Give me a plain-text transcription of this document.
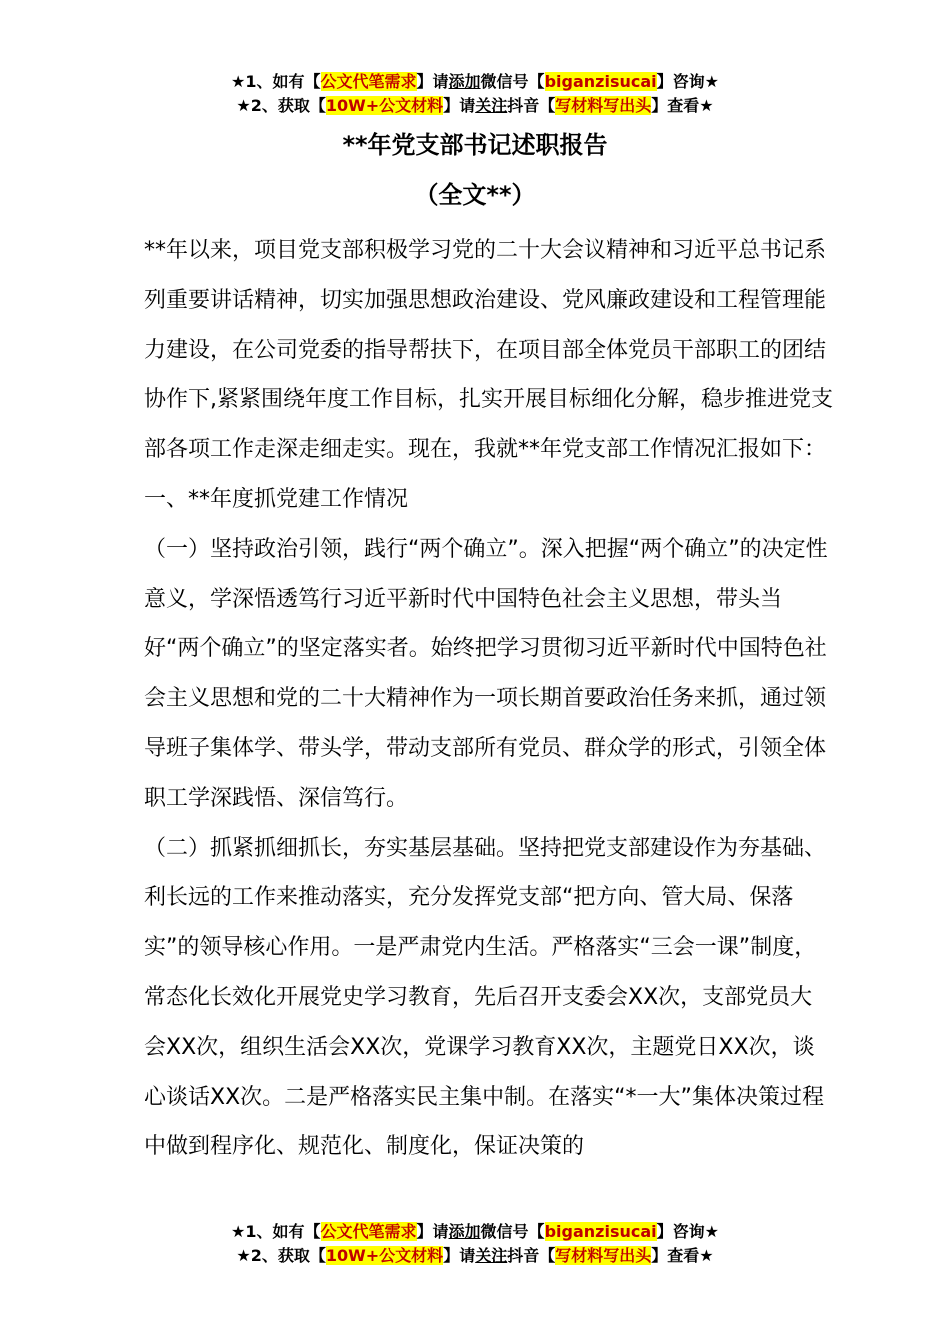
★1、如有【公文代笔需求】请添加微信号【biganzisucai】咨询★
★2、获取【10W+公文材料】请关注抖音【写材料写出头】查看★
**年党支部书记述职报告
（全文**）

**年以来，项目党支部积极学习党的二十大会议精神和习近平总书记系列重要讲话精神，切实加强思想政治建设、党风廉政建设和工程管理能力建设，在公司党委的指导帮扶下，在项目部全体党员干部职工的团结协作下,紧紧围绕年度工作目标，扎实开展目标细化分解，稳步推进党支部各项工作走深走细走实。现在，我就**年党支部工作情况汇报如下：

一、**年度抓党建工作情况

（一）坚持政治引领，践行“两个确立”。深入把握“两个确立”的决定性意义，学深悟透笃行习近平新时代中国特色社会主义思想，带头当好“两个确立”的坚定落实者。始终把学习贯彻习近平新时代中国特色社会主义思想和党的二十大精神作为一项长期首要政治任务来抓，通过领导班子集体学、带头学，带动支部所有党员、群众学的形式，引领全体职工学深践悟、深信笃行。

（二）抓紧抓细抓长，夯实基层基础。坚持把党支部建设作为夯基础、利长远的工作来推动落实，充分发挥党支部“把方向、管大局、保落实”的领导核心作用。一是严肃党内生活。严格落实“三会一课”制度，常态化长效化开展党史学习教育，先后召开支委会XX次，支部党员大会XX次，组织生活会XX次，党课学习教育XX次，主题党日XX次，谈心谈话XX次。二是严格落实民主集中制。在落实“*一大”集体决策过程中做到程序化、规范化、制度化，保证决策的

★1、如有【公文代笔需求】请添加微信号【biganzisucai】咨询★
★2、获取【10W+公文材料】请关注抖音【写材料写出头】查看★
